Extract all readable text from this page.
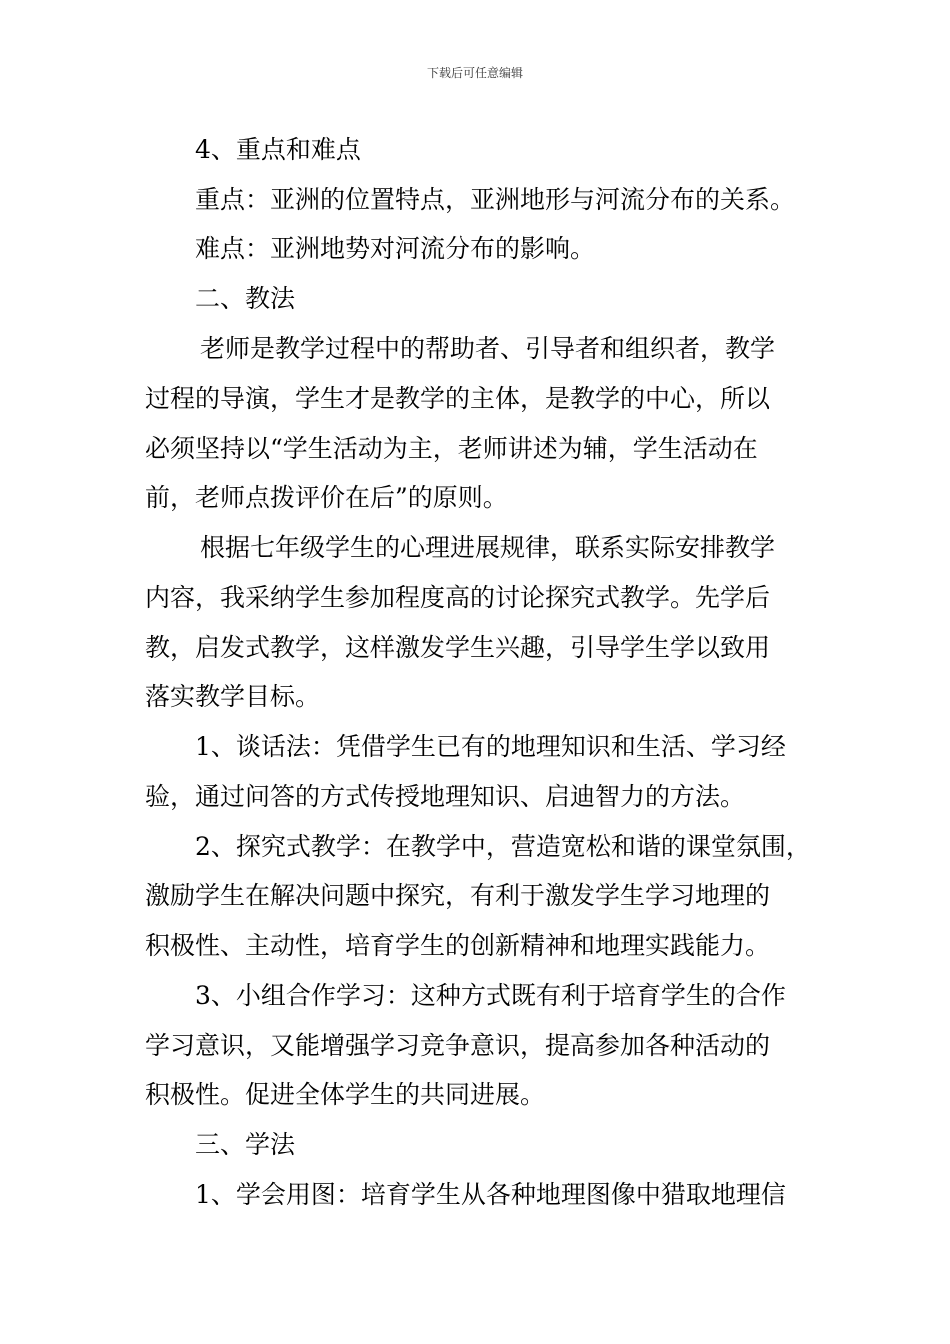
下载后可任意编辑
4、重点和难点
重点：亚洲的位置特点，亚洲地形与河流分布的关系。
难点：亚洲地势对河流分布的影响。
二、教法
老师是教学过程中的帮助者、引导者和组织者，教学
过程的导演，学生才是教学的主体，是教学的中心，所以
必须坚持以“学生活动为主，老师讲述为辅，学生活动在
前，老师点拨评价在后”的原则。
根据七年级学生的心理进展规律，联系实际安排教学
内容，我采纳学生参加程度高的讨论探究式教学。先学后
教，启发式教学，这样激发学生兴趣，引导学生学以致用
落实教学目标。
1、谈话法：凭借学生已有的地理知识和生活、学习经
验，通过问答的方式传授地理知识、启迪智力的方法。
2、探究式教学：在教学中，营造宽松和谐的课堂氛围，
激励学生在解决问题中探究，有利于激发学生学习地理的
积极性、主动性，培育学生的创新精神和地理实践能力。
3、小组合作学习：这种方式既有利于培育学生的合作
学习意识，又能增强学习竞争意识，提高参加各种活动的
积极性。促进全体学生的共同进展。
三、学法
1、学会用图：培育学生从各种地理图像中猎取地理信
